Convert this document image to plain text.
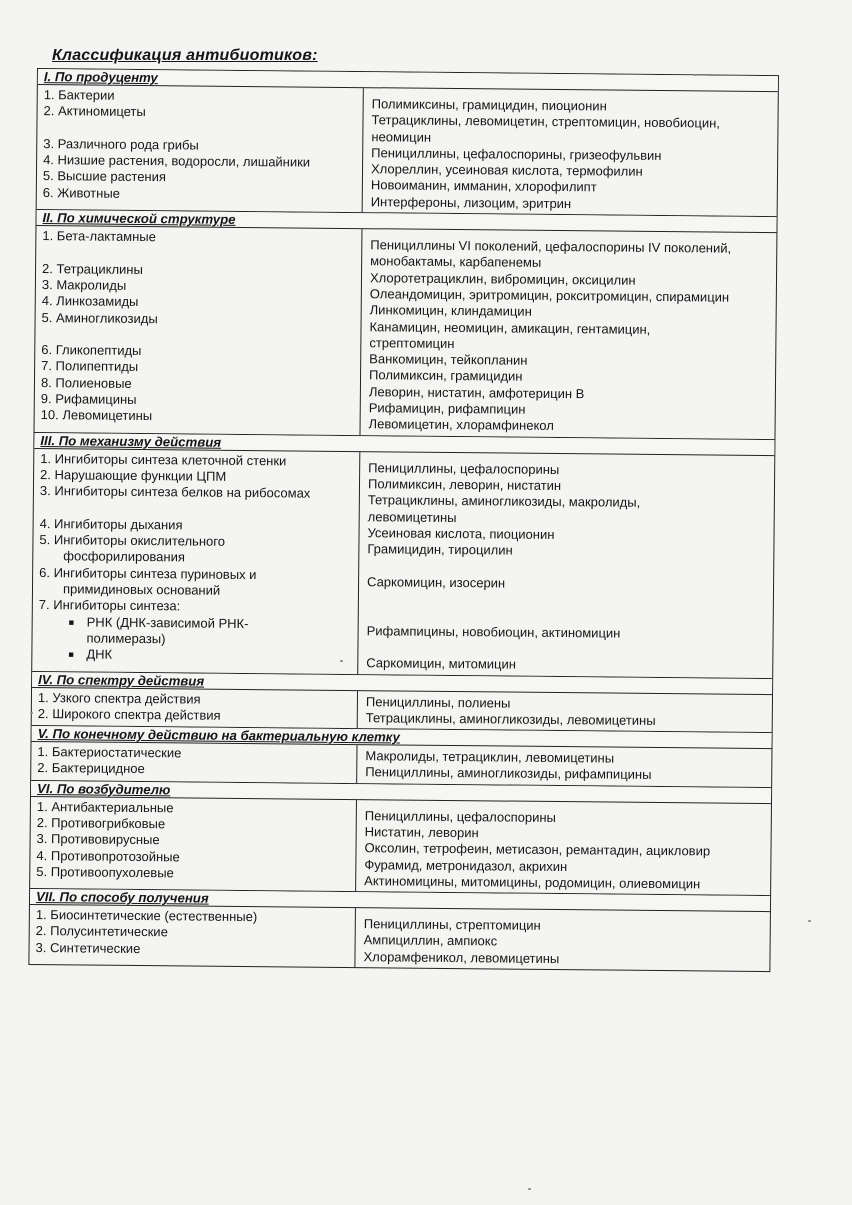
Классификация антибиотиков:
I. По продуценту
1. Бактерии
2. Актиномицеты
3. Различного рода грибы
4. Низшие растения, водоросли, лишайники
5. Высшие растения
6. Животные
Полимиксины, грамицидин, пиоционин
Тетрациклины, левомицетин, стрептомицин, новобиоцин,
неомицин
Пенициллины, цефалоспорины, гризеофульвин
Хлореллин, усеиновая кислота, термофилин
Новоиманин, имманин, хлорофилипт
Интерфероны, лизоцим, эритрин
II. По химической структуре
1. Бета-лактамные
2. Тетрациклины
3. Макролиды
4. Линкозамиды
5. Аминогликозиды
6. Гликопептиды
7. Полипептиды
8. Полиеновые
9. Рифамицины
10. Левомицетины
Пенициллины VI поколений, цефалоспорины IV поколений,
монобактамы, карбапенемы
Хлоротетрациклин, вибромицин, оксицилин
Олеандомицин, эритромицин, рокситромицин, спирамицин
Линкомицин, клиндамицин
Канамицин, неомицин, амикацин, гентамицин,
стрептомицин
Ванкомицин, тейкопланин
Полимиксин, грамицидин
Леворин, нистатин, амфотерицин В
Рифамицин, рифампицин
Левомицетин, хлорамфинекол
III. По механизму действия
1. Ингибиторы синтеза клеточной стенки
2. Нарушающие функции ЦПМ
3. Ингибиторы синтеза белков на рибосомах
4. Ингибиторы дыхания
5. Ингибиторы окислительного
фосфорилирования
6. Ингибиторы синтеза пуриновых и
примидиновых оснований
7. Ингибиторы синтеза:
■ РНК (ДНК-зависимой РНК-
полимеразы)
■ ДНК
Пенициллины, цефалоспорины
Полимиксин, леворин, нистатин
Тетрациклины, аминогликозиды, макролиды,
левомицетины
Усеиновая кислота, пиоционин
Грамицидин, тироцилин
Саркомицин, изосерин
Рифампицины, новобиоцин, актиномицин
Саркомицин, митомицин
IV. По спектру действия
1. Узкого спектра действия
2. Широкого спектра действия
Пенициллины, полиены
Тетрациклины, аминогликозиды, левомицетины
V. По конечному действию на бактериальную клетку
1. Бактериостатические
2. Бактерицидное
Макролиды, тетрациклин, левомицетины
Пенициллины, аминогликозиды, рифампицины
VI. По возбудителю
1. Антибактериальные
2. Противогрибковые
3. Противовирусные
4. Противопротозойные
5. Противоопухолевые
Пенициллины, цефалоспорины
Нистатин, леворин
Оксолин, тетрофеин, метисазон, ремантадин, ацикловир
Фурамид, метронидазол, акрихин
Актиномицины, митомицины, родомицин, олиевомицин
VII. По способу получения
1. Биосинтетические (естественные)
2. Полусинтетические
3. Синтетические
Пенициллины, стрептомицин
Ампициллин, ампиокс
Хлорамфеникол, левомицетины
